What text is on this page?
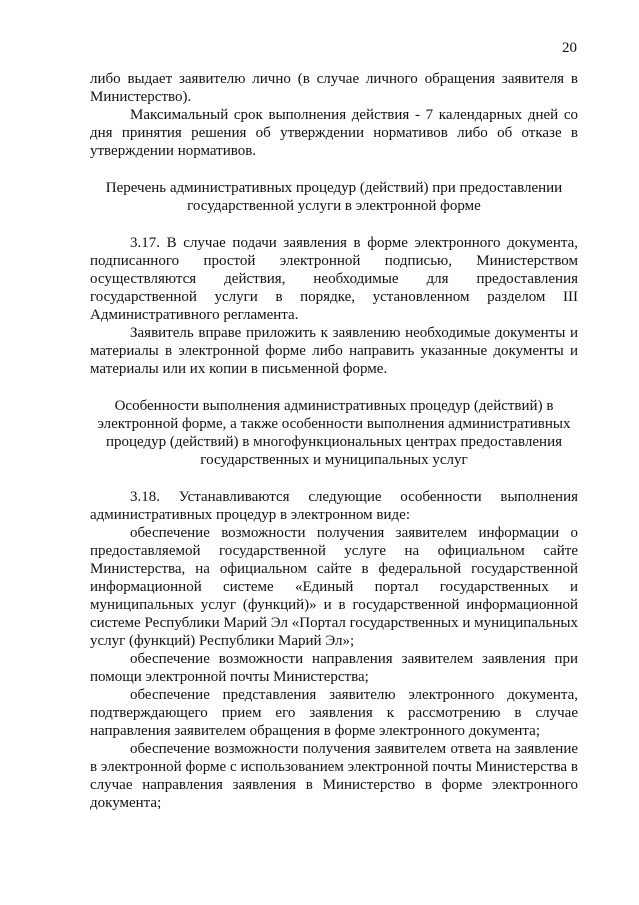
20

либо выдает заявителю лично (в случае личного обращения заявителя в Министерство).

Максимальный срок выполнения действия - 7 календарных дней со дня принятия решения об утверждении нормативов либо об отказе в утверждении нормативов.

Перечень административных процедур (действий) при предоставлении государственной услуги в электронной форме

3.17. В случае подачи заявления в форме электронного документа, подписанного простой электронной подписью, Министерством осуществляются действия, необходимые для предоставления государственной услуги в порядке, установленном разделом III Административного регламента.

Заявитель вправе приложить к заявлению необходимые документы и материалы в электронной форме либо направить указанные документы и материалы или их копии в письменной форме.

Особенности выполнения административных процедур (действий) в электронной форме, а также особенности выполнения административных процедур (действий) в многофункциональных центрах предоставления государственных и муниципальных услуг

3.18. Устанавливаются следующие особенности выполнения административных процедур в электронном виде:

обеспечение возможности получения заявителем информации о предоставляемой государственной услуге на официальном сайте Министерства, на официальном сайте в федеральной государственной информационной системе «Единый портал государственных и муниципальных услуг (функций)» и в государственной информационной системе Республики Марий Эл «Портал государственных и муниципальных услуг (функций) Республики Марий Эл»;

обеспечение возможности направления заявителем заявления при помощи электронной почты Министерства;

обеспечение представления заявителю электронного документа, подтверждающего прием его заявления к рассмотрению в случае направления заявителем обращения в форме электронного документа;

обеспечение возможности получения заявителем ответа на заявление в электронной форме с использованием электронной почты Министерства в случае направления заявления в Министерство в форме электронного документа;
